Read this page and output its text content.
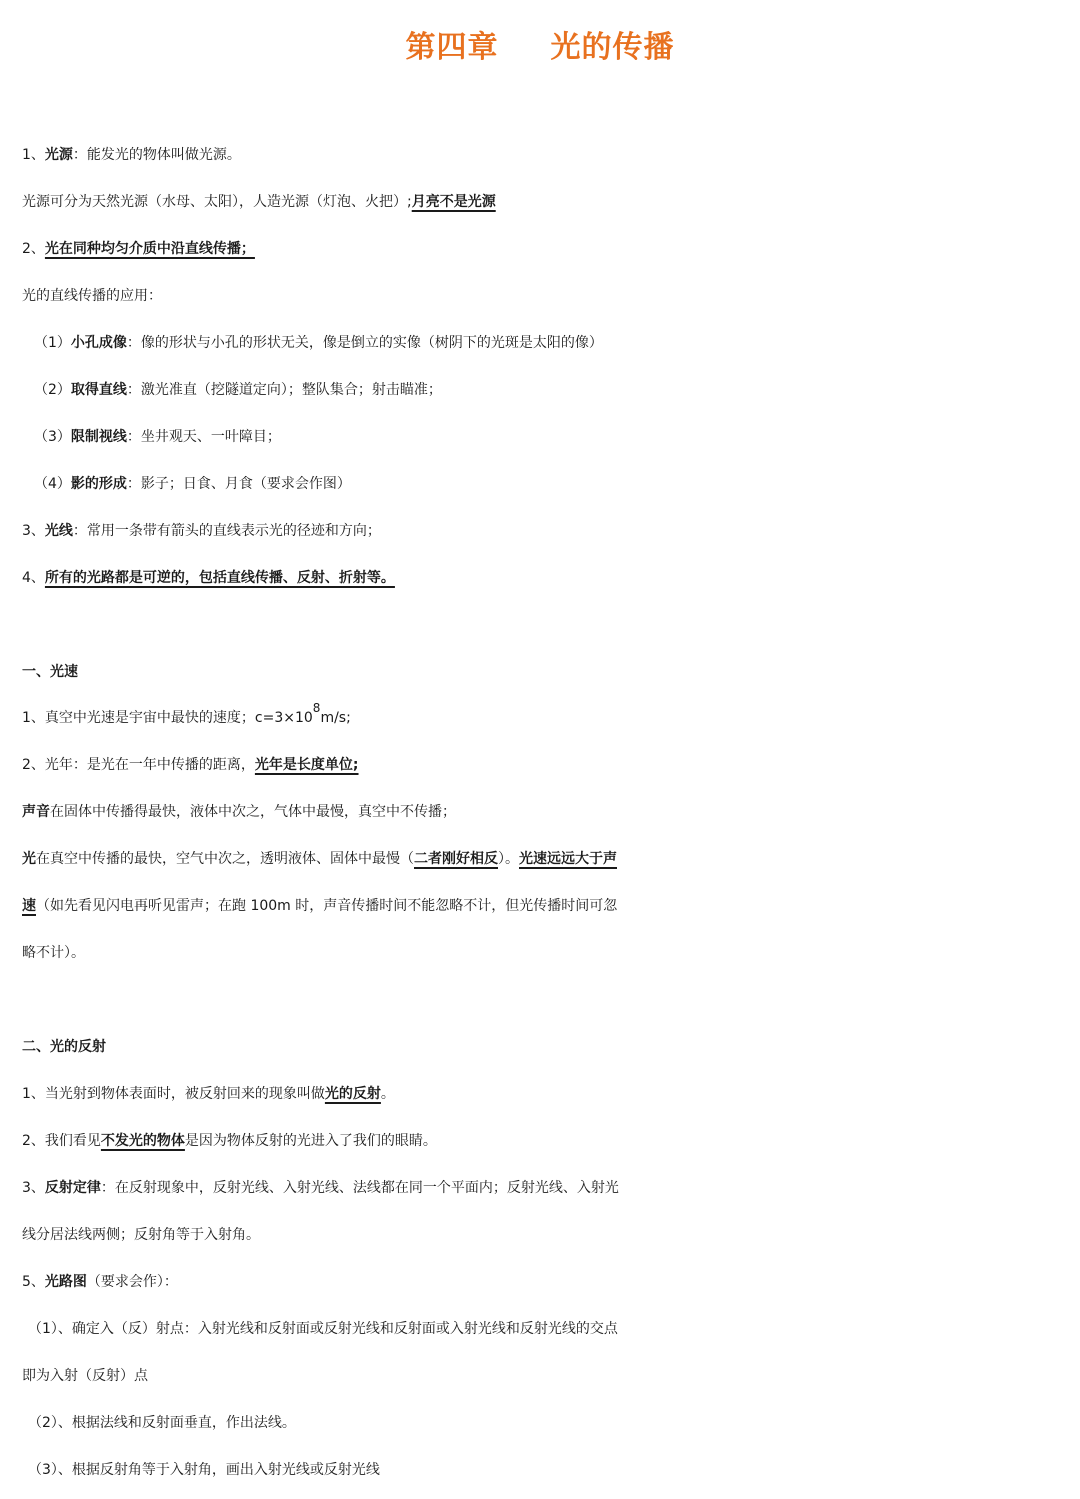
第四章 光的传播
1、光源：能发光的物体叫做光源。
光源可分为天然光源（水母、太阳），人造光源（灯泡、火把）;月亮不是光源
2、光在同种均匀介质中沿直线传播；
光的直线传播的应用：
（1）小孔成像：像的形状与小孔的形状无关，像是倒立的实像（树阴下的光斑是太阳的像）
（2）取得直线：激光准直（挖隧道定向）；整队集合；射击瞄准；
（3）限制视线：坐井观天、一叶障目；
（4）影的形成：影子；日食、月食（要求会作图）
3、光线：常用一条带有箭头的直线表示光的径迹和方向；
4、所有的光路都是可逆的，包括直线传播、反射、折射等。
一、光速
1、真空中光速是宇宙中最快的速度；$c=3\times 10^8m/s$;
2、光年：是光在一年中传播的距离，光年是长度单位;
声音在固体中传播得最快，液体中次之，气体中最慢，真空中不传播；
光在真空中传播的最快，空气中次之，透明液体、固体中最慢（二者刚好相反）。光速远远大于声
速（如先看见闪电再听见雷声；在跑 100m 时，声音传播时间不能忽略不计，但光传播时间可忽
略不计）。
二、光的反射
1、当光射到物体表面时，被反射回来的现象叫做光的反射。
2、我们看见不发光的物体是因为物体反射的光进入了我们的眼睛。
3、反射定律：在反射现象中，反射光线、入射光线、法线都在同一个平面内；反射光线、入射光
线分居法线两侧；反射角等于入射角。
5、光路图（要求会作）：
（1）、确定入（反）射点：入射光线和反射面或反射光线和反射面或入射光线和反射光线的交点
即为入射（反射）点
（2）、根据法线和反射面垂直，作出法线。
（3）、根据反射角等于入射角，画出入射光线或反射光线
